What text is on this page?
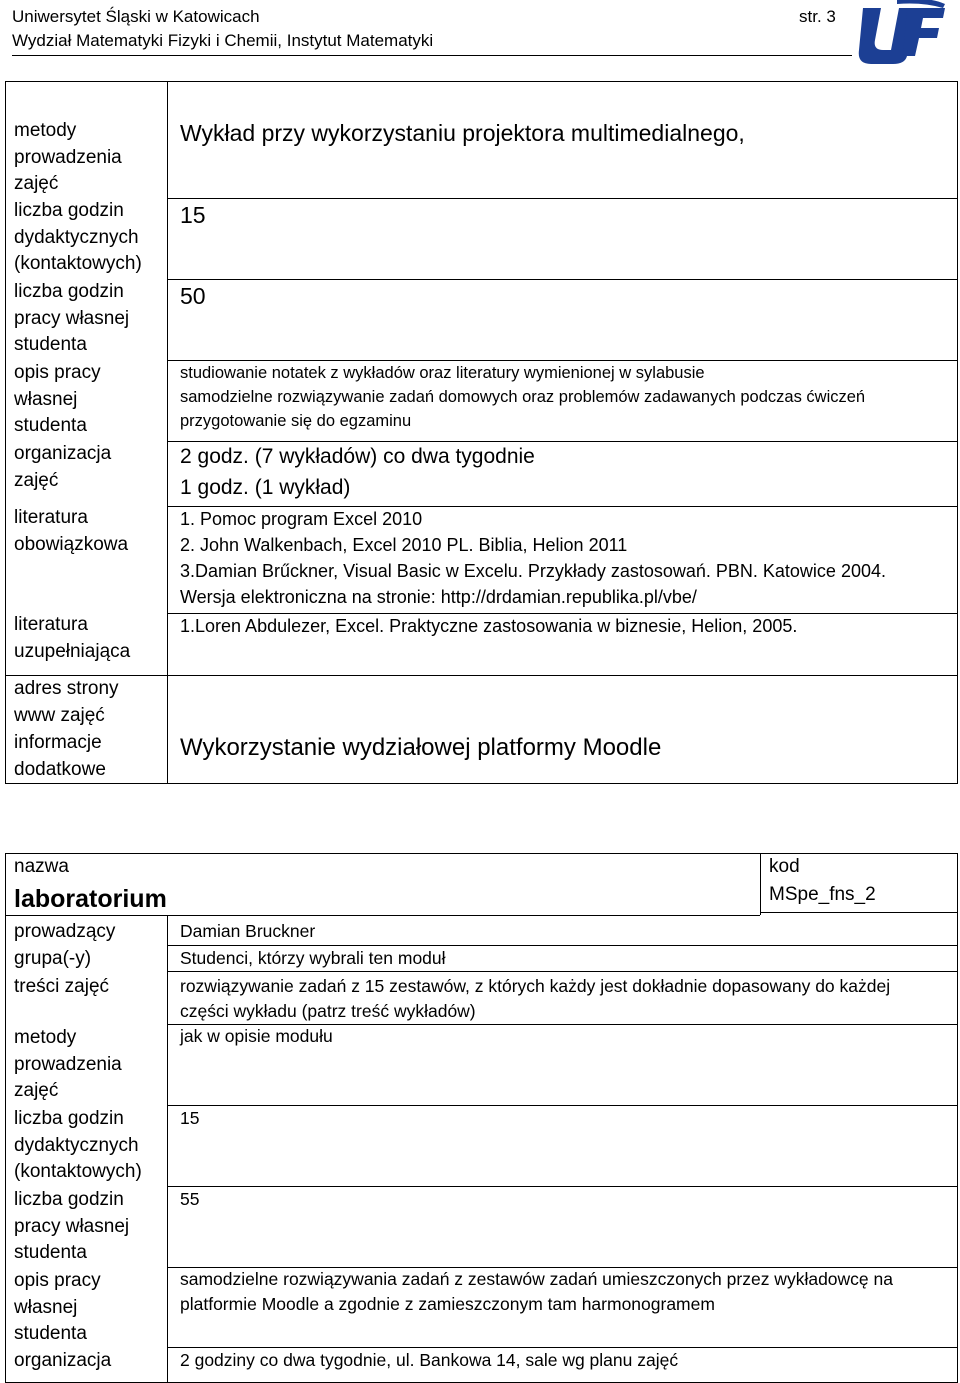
Uniwersytet Śląski w Katowicach
Wydział Matematyki Fizyki i Chemii, Instytut Matematyki
str. 3
metody
prowadzenia
zajęć
liczba godzin
dydaktycznych
(kontaktowych)
liczba godzin
pracy własnej
studenta
opis pracy
własnej
studenta
organizacja
zajęć
literatura
obowiązkowa
literatura
uzupełniająca
adres strony
www zajęć
informacje
dodatkowe
Wykład przy wykorzystaniu projektora multimedialnego,
15
50
studiowanie notatek z wykładów oraz literatury wymienionej w sylabusie
samodzielne rozwiązywanie zadań domowych oraz problemów zadawanych podczas ćwiczeń
przygotowanie się do egzaminu
2 godz. (7 wykładów) co dwa tygodnie
1 godz. (1 wykład)
1. Pomoc program Excel 2010
2. John Walkenbach, Excel 2010 PL. Biblia, Helion 2011
3.Damian Brűckner, Visual Basic w Excelu. Przykłady zastosowań. PBN. Katowice 2004.
Wersja elektroniczna na stronie: http://drdamian.republika.pl/vbe/
1.Loren Abdulezer, Excel. Praktyczne zastosowania w biznesie, Helion, 2005.
Wykorzystanie wydziałowej platformy Moodle
nazwa
laboratorium
kod
MSpe_fns_2
prowadzący
grupa(-y)
treści zajęć
metody
prowadzenia
zajęć
liczba godzin
dydaktycznych
(kontaktowych)
liczba godzin
pracy własnej
studenta
opis pracy
własnej
studenta
organizacja
Damian Bruckner
Studenci, którzy wybrali ten moduł
rozwiązywanie zadań z 15 zestawów, z których każdy jest dokładnie dopasowany do każdej
części wykładu (patrz treść wykładów)
jak w opisie modułu
15
55
samodzielne rozwiązywania zadań z zestawów zadań umieszczonych przez wykładowcę na
platformie Moodle a zgodnie z zamieszczonym tam harmonogramem
2 godziny co dwa tygodnie, ul. Bankowa 14, sale wg planu zajęć
